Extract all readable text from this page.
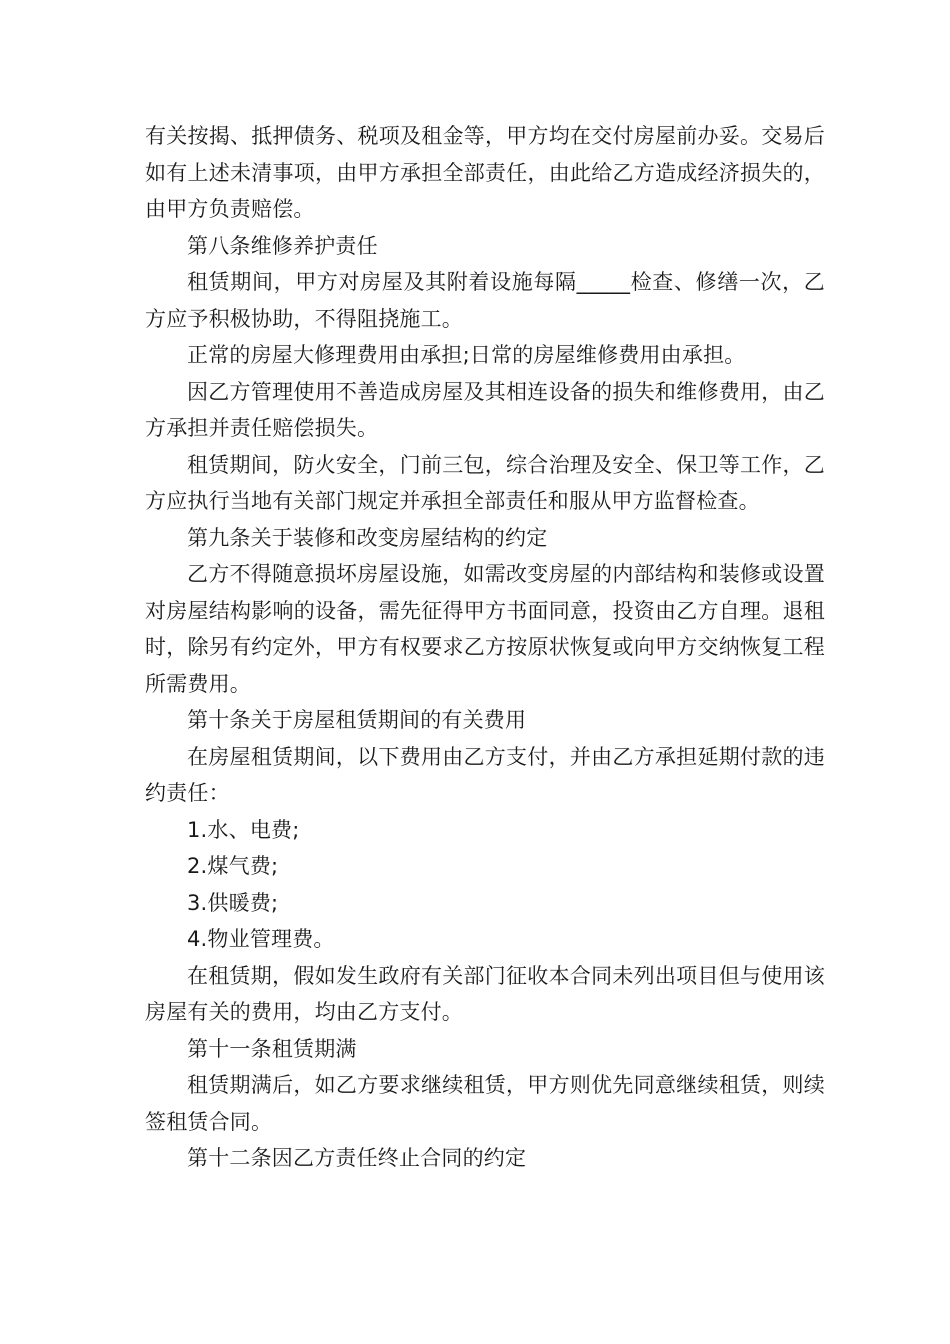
有关按揭、抵押债务、税项及租金等，甲方均在交付房屋前办妥。交易后如有上述未清事项，由甲方承担全部责任，由此给乙方造成经济损失的，由甲方负责赔偿。

第八条维修养护责任

租赁期间，甲方对房屋及其附着设施每隔_____检查、修缮一次，乙方应予积极协助，不得阻挠施工。

正常的房屋大修理费用由承担;日常的房屋维修费用由承担。

因乙方管理使用不善造成房屋及其相连设备的损失和维修费用，由乙方承担并责任赔偿损失。

租赁期间，防火安全，门前三包，综合治理及安全、保卫等工作，乙方应执行当地有关部门规定并承担全部责任和服从甲方监督检查。

第九条关于装修和改变房屋结构的约定

乙方不得随意损坏房屋设施，如需改变房屋的内部结构和装修或设置对房屋结构影响的设备，需先征得甲方书面同意，投资由乙方自理。退租时，除另有约定外，甲方有权要求乙方按原状恢复或向甲方交纳恢复工程所需费用。

第十条关于房屋租赁期间的有关费用

在房屋租赁期间，以下费用由乙方支付，并由乙方承担延期付款的违约责任：

1.水、电费;

2.煤气费;

3.供暖费;

4.物业管理费。

在租赁期，假如发生政府有关部门征收本合同未列出项目但与使用该房屋有关的费用，均由乙方支付。

第十一条租赁期满

租赁期满后，如乙方要求继续租赁，甲方则优先同意继续租赁，则续签租赁合同。

第十二条因乙方责任终止合同的约定
